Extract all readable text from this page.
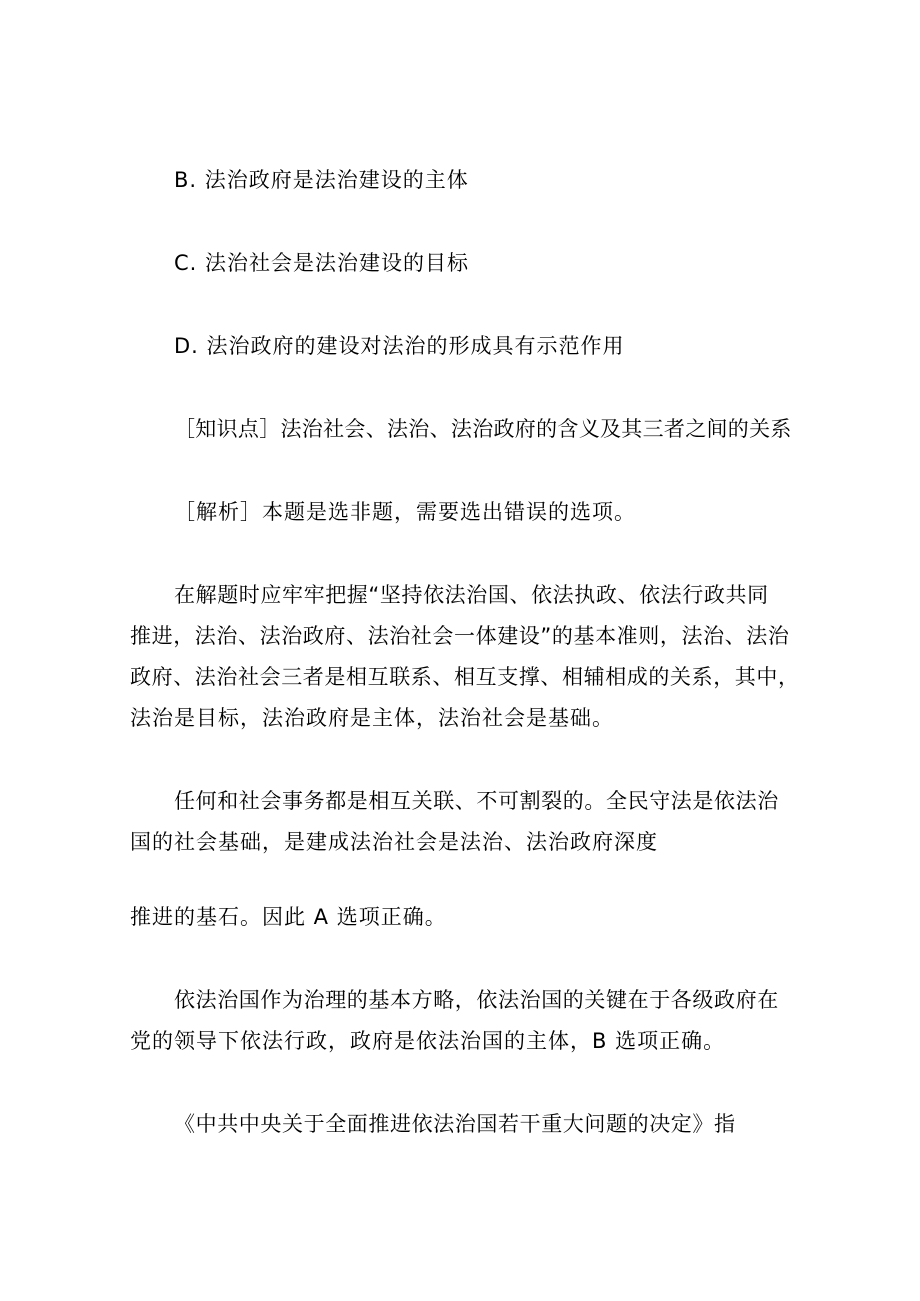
B. 法治政府是法治建设的主体
C. 法治社会是法治建设的目标
D. 法治政府的建设对法治的形成具有示范作用
［知识点］法治社会、法治、法治政府的含义及其三者之间的关系
［解析］本题是选非题，需要选出错误的选项。
在解题时应牢牢把握“坚持依法治国、依法执政、依法行政共同
推进，法治、法治政府、法治社会一体建设”的基本准则，法治、法治
政府、法治社会三者是相互联系、相互支撑、相辅相成的关系，其中，
法治是目标，法治政府是主体，法治社会是基础。
任何和社会事务都是相互关联、不可割裂的。全民守法是依法治
国的社会基础，是建成法治社会是法治、法治政府深度
推进的基石。因此 A 选项正确。
依法治国作为治理的基本方略，依法治国的关键在于各级政府在
党的领导下依法行政，政府是依法治国的主体，B 选项正确。
《中共中央关于全面推进依法治国若干重大问题的决定》指
